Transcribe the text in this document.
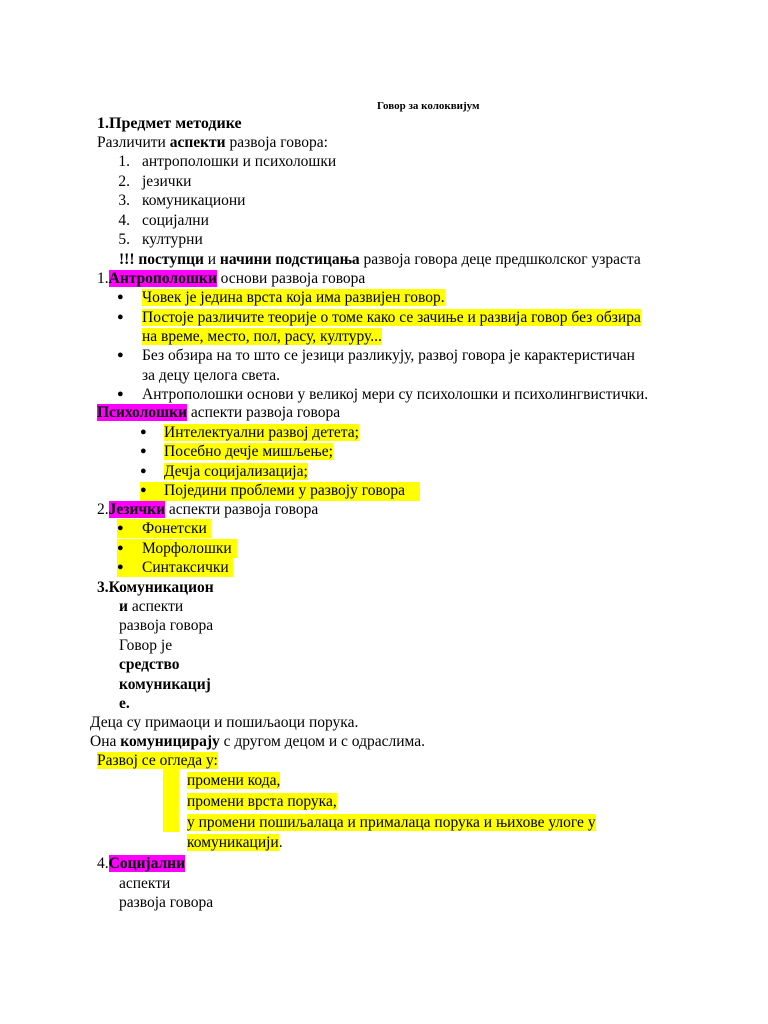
Говор за колоквијум
1.Предмет методике
Различити аспекти развоја говора:
1. антрополошки и психолошки
2. језички
3. комуникациони
4. социјални
5. културни
!!! поступци и начини подстицања развоја говора деце предшколског узраста
1.Антрополошки основи развоја говора
● Човек је једина врста која има развијен говор.
● Постоје различите теорије о томе како се зачиње и развија говор без обзира
на време, место, пол, расу, културу...
● Без обзира на то што се језици разликују, развој говора је карактеристичан
за децу целога света.
● Антрополошки основи у великој мери су психолошки и психолингвистички.
Психолошки аспекти развоја говора
● Интелектуални развој детета;
● Посебно дечје мишљење;
● Дечја социјализација;
● Поједини проблеми у развоју говора
2.Језички аспекти развоја говора
● Фонетски
● Морфолошки
● Синтаксички
3.Комуникацион
и аспекти
развоја говора
Говор је
средство
комуникациј
е.
Деца су примаоци и пошиљаоци порука.
Она комуницирају с другом децом и с одраслима.
Развој се огледа у:
промени кода,
промени врста порука,
у промени пошиљалаца и прималаца порука и њихове улоге у
комуникацији.
4.Социјални
аспекти
развоја говора
